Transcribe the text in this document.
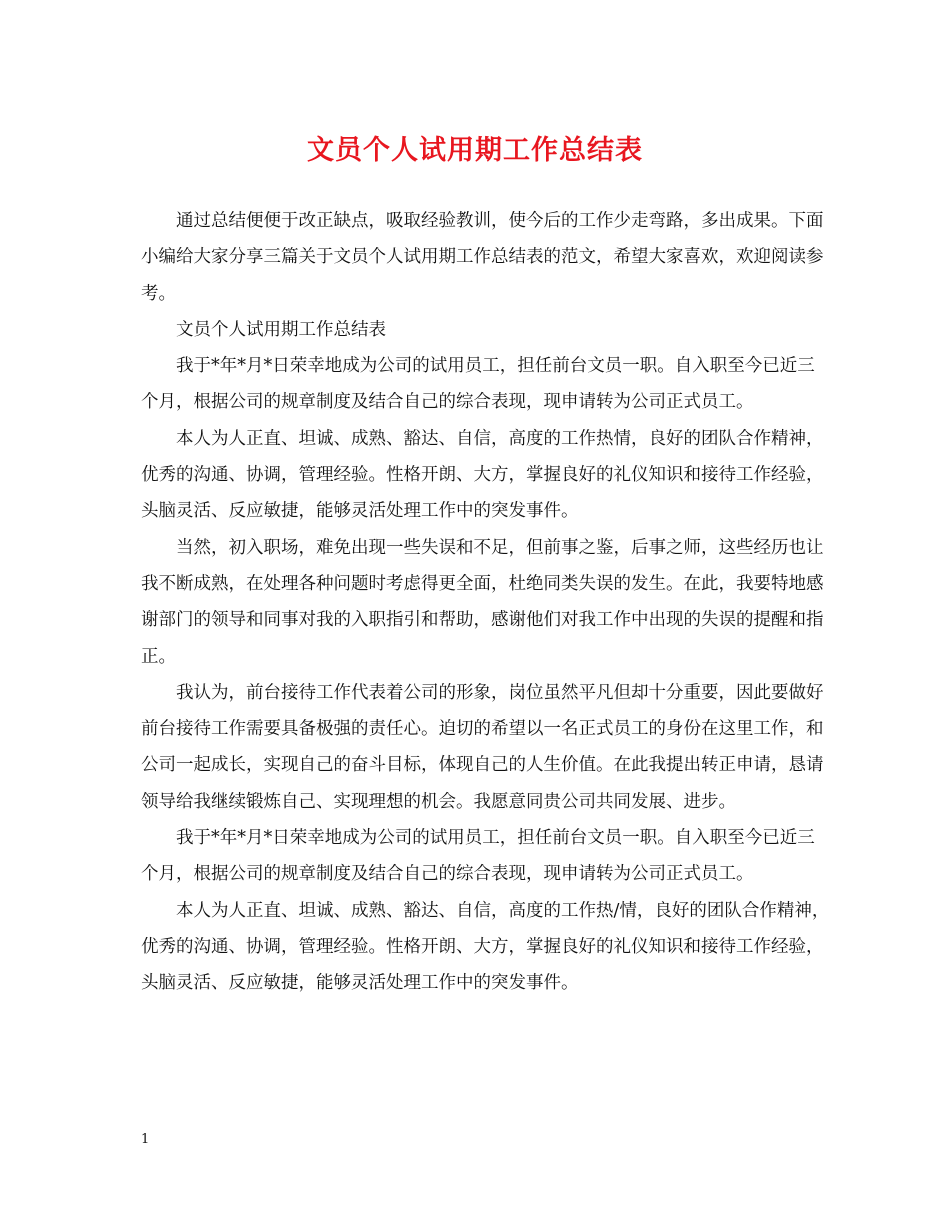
文员个人试用期工作总结表

通过总结便便于改正缺点，吸取经验教训，使今后的工作少走弯路，多出成果。下面小编给大家分享三篇关于文员个人试用期工作总结表的范文，希望大家喜欢，欢迎阅读参考。

文员个人试用期工作总结表

我于*年*月*日荣幸地成为公司的试用员工，担任前台文员一职。自入职至今已近三个月，根据公司的规章制度及结合自己的综合表现，现申请转为公司正式员工。

本人为人正直、坦诚、成熟、豁达、自信，高度的工作热情，良好的团队合作精神，优秀的沟通、协调，管理经验。性格开朗、大方，掌握良好的礼仪知识和接待工作经验，头脑灵活、反应敏捷，能够灵活处理工作中的突发事件。

当然，初入职场，难免出现一些失误和不足，但前事之鉴，后事之师，这些经历也让我不断成熟，在处理各种问题时考虑得更全面，杜绝同类失误的发生。在此，我要特地感谢部门的领导和同事对我的入职指引和帮助，感谢他们对我工作中出现的失误的提醒和指正。

我认为，前台接待工作代表着公司的形象，岗位虽然平凡但却十分重要，因此要做好前台接待工作需要具备极强的责任心。迫切的希望以一名正式员工的身份在这里工作，和公司一起成长，实现自己的奋斗目标，体现自己的人生价值。在此我提出转正申请，恳请领导给我继续锻炼自己、实现理想的机会。我愿意同贵公司共同发展、进步。

我于*年*月*日荣幸地成为公司的试用员工，担任前台文员一职。自入职至今已近三个月，根据公司的规章制度及结合自己的综合表现，现申请转为公司正式员工。

本人为人正直、坦诚、成熟、豁达、自信，高度的工作热/情，良好的团队合作精神，优秀的沟通、协调，管理经验。性格开朗、大方，掌握良好的礼仪知识和接待工作经验，头脑灵活、反应敏捷，能够灵活处理工作中的突发事件。

1
